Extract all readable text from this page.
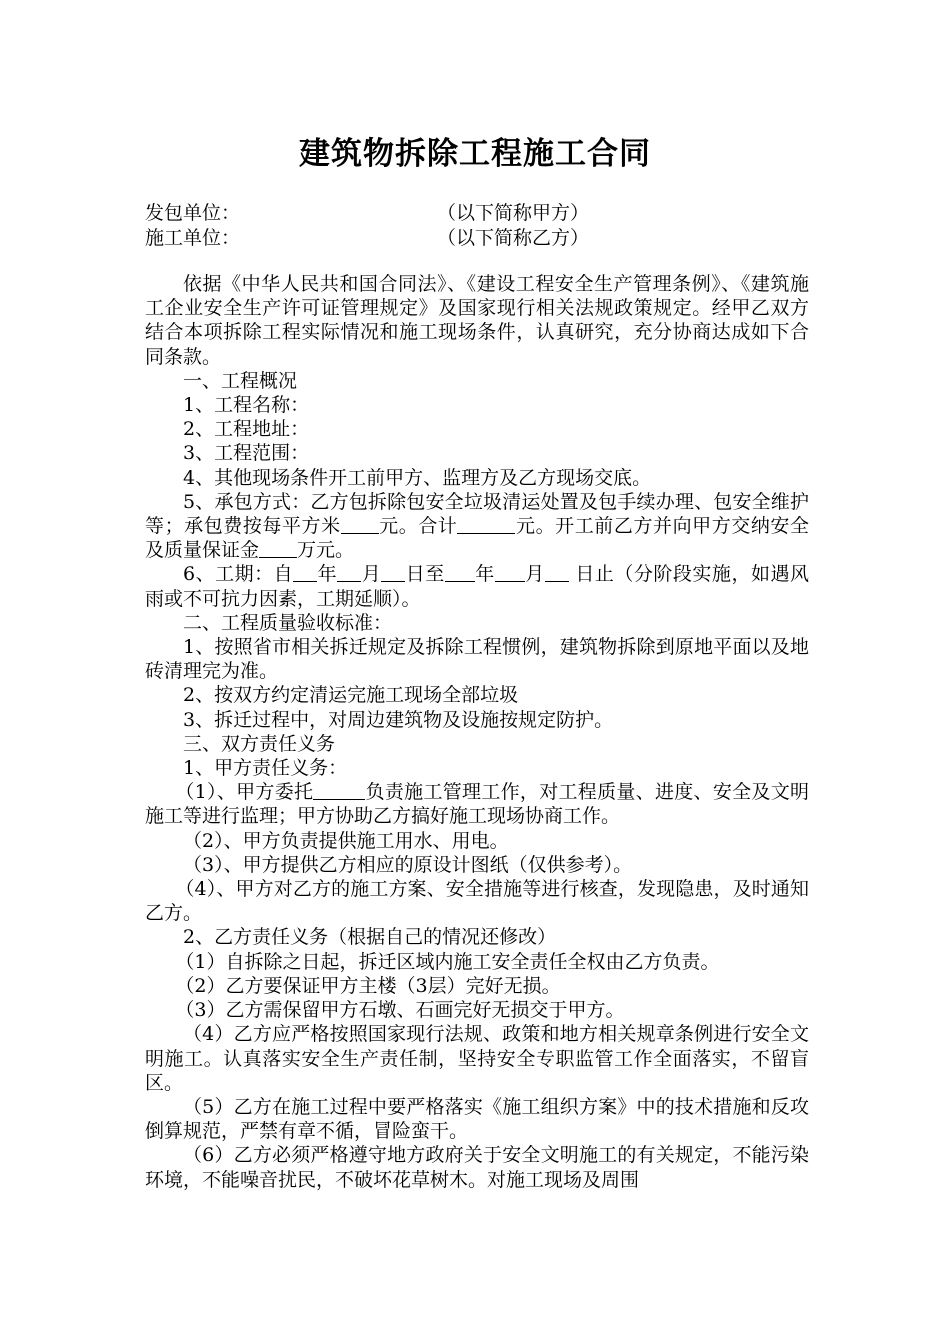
建筑物拆除工程施工合同
发包单位：	（以下简称甲方）
施工单位：	（以下简称乙方）

依据《中华人民共和国合同法》、《建设工程安全生产管理条例》、《建筑施工企业安全生产许可证管理规定》及国家现行相关法规政策规定。经甲乙双方结合本项拆除工程实际情况和施工现场条件，认真研究，充分协商达成如下合同条款。

一、工程概况

1、工程名称：

2、工程地址：

3、工程范围：

4、其他现场条件开工前甲方、监理方及乙方现场交底。

5、承包方式：乙方包拆除包安全垃圾清运处置及包手续办理、包安全维护等；承包费按每平方米 元。合计	元。开工前乙方并向甲方交纳安全及质量保证金 万元。

6、工期：自 年 月 日至 年 月 日止（分阶段实施，如遇风雨或不可抗力因素，工期延顺）。

二、工程质量验收标准：

1、按照省市相关拆迁规定及拆除工程惯例，建筑物拆除到原地平面以及地砖清理完为准。

2、按双方约定清运完施工现场全部垃圾

3、拆迁过程中，对周边建筑物及设施按规定防护。

三、双方责任义务

1、甲方责任义务：

（1）、甲方委托	负责施工管理工作，对工程质量、进度、安全及文明施工等进行监理；甲方协助乙方搞好施工现场协商工作。

（2）、甲方负责提供施工用水、用电。

（3）、甲方提供乙方相应的原设计图纸（仅供参考）。

（4）、甲方对乙方的施工方案、安全措施等进行核查，发现隐患，及时通知乙方。

2、乙方责任义务（根据自己的情况还修改）

（1）自拆除之日起，拆迁区域内施工安全责任全权由乙方负责。

（2）乙方要保证甲方主楼（3层）完好无损。

（3）乙方需保留甲方石墩、石画完好无损交于甲方。

（4）乙方应严格按照国家现行法规、政策和地方相关规章条例进行安全文明施工。认真落实安全生产责任制，坚持安全专职监管工作全面落实，不留盲区。

（5）乙方在施工过程中要严格落实《施工组织方案》中的技术措施和反攻倒算规范，严禁有章不循，冒险蛮干。

（6）乙方必须严格遵守地方政府关于安全文明施工的有关规定，不能污染环境，不能噪音扰民，不破坏花草树木。对施工现场及周围
